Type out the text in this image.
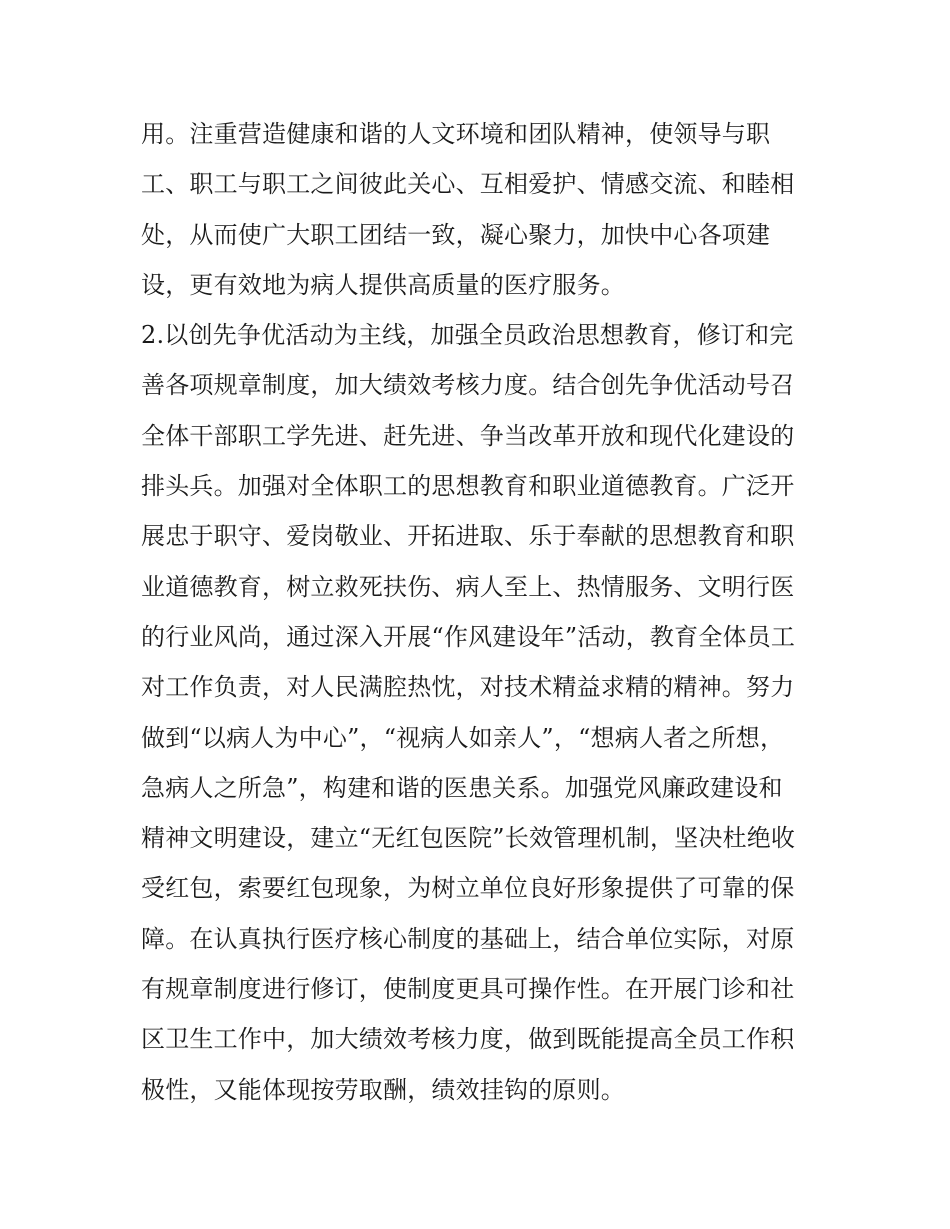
用。注重营造健康和谐的人文环境和团队精神，使领导与职
工、职工与职工之间彼此关心、互相爱护、情感交流、和睦相
处，从而使广大职工团结一致，凝心聚力，加快中心各项建
设，更有效地为病人提供高质量的医疗服务。
2.以创先争优活动为主线，加强全员政治思想教育，修订和完
善各项规章制度，加大绩效考核力度。结合创先争优活动号召
全体干部职工学先进、赶先进、争当改革开放和现代化建设的
排头兵。加强对全体职工的思想教育和职业道德教育。广泛开
展忠于职守、爱岗敬业、开拓进取、乐于奉献的思想教育和职
业道德教育，树立救死扶伤、病人至上、热情服务、文明行医
的行业风尚，通过深入开展“作风建设年”活动，教育全体员工
对工作负责，对人民满腔热忱，对技术精益求精的精神。努力
做到“以病人为中心”，“视病人如亲人”，“想病人者之所想，
急病人之所急”，构建和谐的医患关系。加强党风廉政建设和
精神文明建设，建立“无红包医院”长效管理机制，坚决杜绝收
受红包，索要红包现象，为树立单位良好形象提供了可靠的保
障。在认真执行医疗核心制度的基础上，结合单位实际，对原
有规章制度进行修订，使制度更具可操作性。在开展门诊和社
区卫生工作中，加大绩效考核力度，做到既能提高全员工作积
极性，又能体现按劳取酬，绩效挂钩的原则。
